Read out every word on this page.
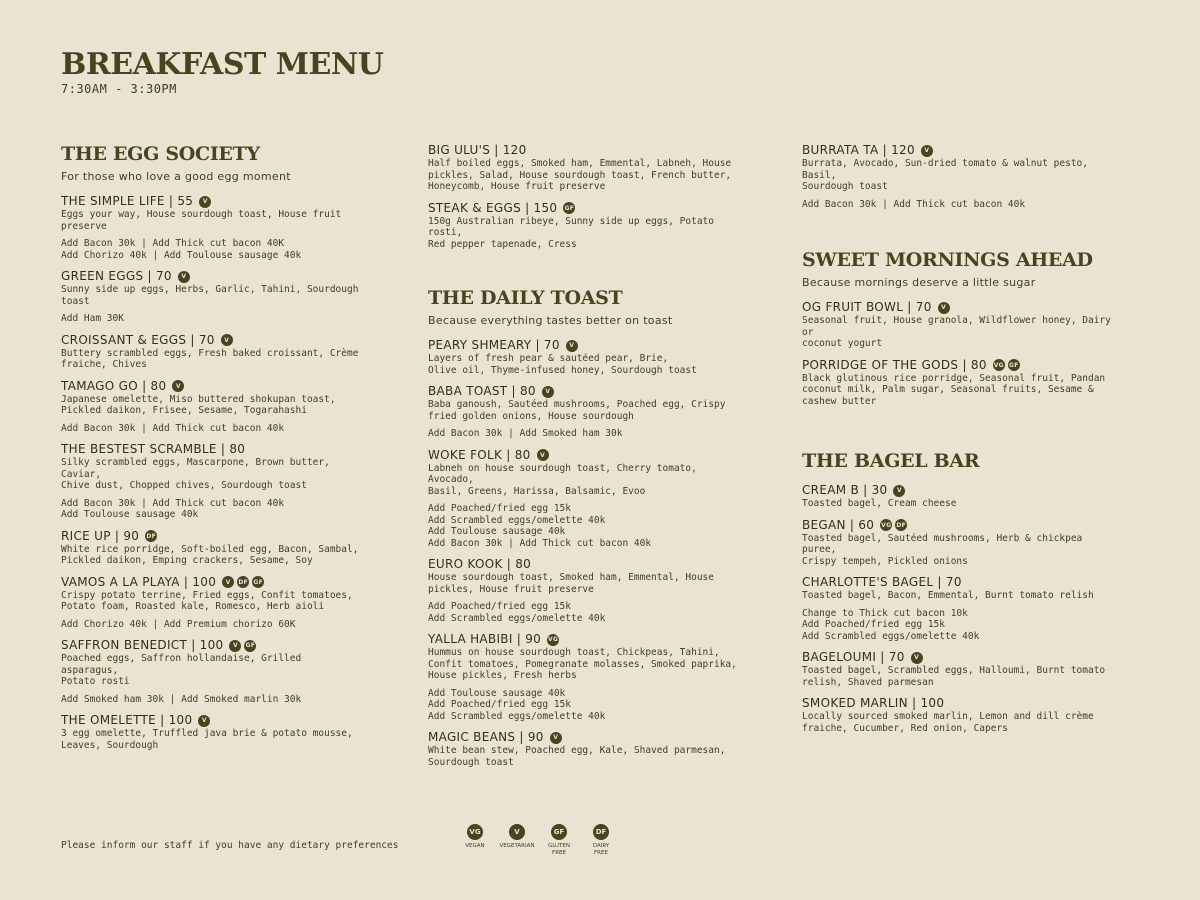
BREAKFAST MENU
7:30AM - 3:30PM
THE EGG SOCIETY
For those who love a good egg moment
THE SIMPLE LIFE | 55	V
Eggs your way, House sourdough toast, House fruit
preserve
Add Bacon 30k | Add Thick cut bacon 40K
Add Chorizo 40k | Add Toulouse sausage 40k
GREEN EGGS | 70	V
Sunny side up eggs, Herbs, Garlic, Tahini, Sourdough
toast
Add Ham 30K
CROISSANT & EGGS | 70	V
Buttery scrambled eggs, Fresh baked croissant, Crème
fraiche, Chives
TAMAGO GO | 80	V
Japanese omelette, Miso buttered shokupan toast,
Pickled daikon, Frisee, Sesame, Togarahashi
Add Bacon 30k | Add Thick cut bacon 40k
THE BESTEST SCRAMBLE | 80
Silky scrambled eggs, Mascarpone, Brown butter, Caviar,
Chive dust, Chopped chives, Sourdough toast
Add Bacon 30k | Add Thick cut bacon 40k
Add Toulouse sausage 40k
RICE UP | 90 DF
White rice porridge, Soft-boiled egg, Bacon, Sambal,
Pickled daikon, Emping crackers, Sesame, Soy
VAMOS A LA PLAYA | 100	V	DF GF
Crispy potato terrine, Fried eggs, Confit tomatoes,
Potato foam, Roasted kale, Romesco, Herb aioli
Add Chorizo 40k | Add Premium chorizo 60K
SAFFRON BENEDICT | 100	V	GF
Poached eggs, Saffron hollandaise, Grilled asparagus,
Potato rosti
Add Smoked ham 30k | Add Smoked marlin 30k
THE OMELETTE | 100	V
3 egg omelette, Truffled java brie & potato mousse,
Leaves, Sourdough
BIG ULU'S | 120
Half boiled eggs, Smoked ham, Emmental, Labneh, House
pickles, Salad, House sourdough toast, French butter,
Honeycomb, House fruit preserve
STEAK & EGGS | 150 GF
150g Australian ribeye, Sunny side up eggs, Potato rosti,
Red pepper tapenade, Cress
THE DAILY TOAST
Because everything tastes better on toast
PEARY SHMEARY | 70	V
Layers of fresh pear & sautéed pear, Brie,
Olive oil, Thyme-infused honey, Sourdough toast
BABA TOAST | 80	V
Baba ganoush, Sautéed mushrooms, Poached egg, Crispy
fried golden onions, House sourdough
Add Bacon 30k | Add Smoked ham 30k
WOKE FOLK | 80	V
Labneh on house sourdough toast, Cherry tomato, Avocado,
Basil, Greens, Harissa, Balsamic, Evoo
Add Poached/fried egg 15k
Add Scrambled eggs/omelette 40k
Add Toulouse sausage 40k
Add Bacon 30k | Add Thick cut bacon 40k
EURO KOOK | 80
House sourdough toast, Smoked ham, Emmental, House
pickles, House fruit preserve
Add Poached/fried egg 15k
Add Scrambled eggs/omelette 40k
YALLA HABIBI | 90 VG
Hummus on house sourdough toast, Chickpeas, Tahini,
Confit tomatoes, Pomegranate molasses, Smoked paprika,
House pickles, Fresh herbs
Add Toulouse sausage 40k
Add Poached/fried egg 15k
Add Scrambled eggs/omelette 40k
MAGIC BEANS | 90	V
White bean stew, Poached egg, Kale, Shaved parmesan,
Sourdough toast
BURRATA TA | 120	V
Burrata, Avocado, Sun-dried tomato & walnut pesto, Basil,
Sourdough toast
Add Bacon 30k | Add Thick cut bacon 40k
SWEET MORNINGS AHEAD
Because mornings deserve a little sugar
OG FRUIT BOWL | 70	V
Seasonal fruit, House granola, Wildflower honey, Dairy or
coconut yogurt
PORRIDGE OF THE GODS | 80 VG GF
Black glutinous rice porridge, Seasonal fruit, Pandan
coconut milk, Palm sugar, Seasonal fruits, Sesame &
cashew butter
THE BAGEL BAR
CREAM B | 30	V
Toasted bagel, Cream cheese
BEGAN | 60 VG DF
Toasted bagel, Sautéed mushrooms, Herb & chickpea puree,
Crispy tempeh, Pickled onions
CHARLOTTE'S BAGEL | 70
Toasted bagel, Bacon, Emmental, Burnt tomato relish
Change to Thick cut bacon 10k
Add Poached/fried egg 15k
Add Scrambled eggs/omelette 40k
BAGELOUMI | 70	V
Toasted bagel, Scrambled eggs, Halloumi, Burnt tomato
relish, Shaved parmesan
SMOKED MARLIN | 100
Locally sourced smoked marlin, Lemon and dill crème
fraiche, Cucumber, Red onion, Capers
Please inform our staff if you have any dietary preferences
VG
VEGAN
V
VEGETARIAN
GF
GLUTEN
FREE
DF
DAIRY
FREE
